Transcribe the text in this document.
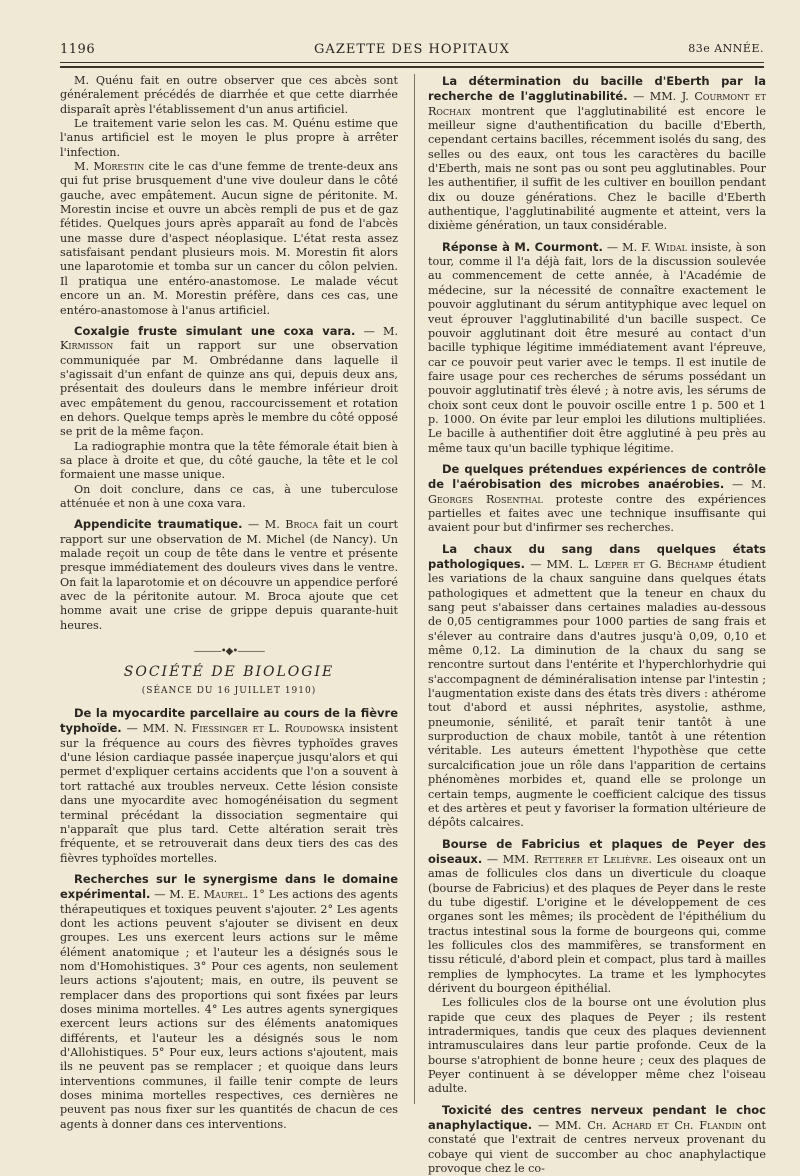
1196	GAZETTE DES HOPITAUX	83e ANNÉE.

M. Quénu fait en outre observer que ces abcès sont généralement précédés de diarrhée et que cette diarrhée disparaît après l'établissement d'un anus artificiel.

Le traitement varie selon les cas. M. Quénu estime que l'anus artificiel est le moyen le plus propre à arrêter l'infection.

M. Morestin cite le cas d'une femme de trente-deux ans qui fut prise brusquement d'une vive douleur dans le côté gauche, avec empâtement. Aucun signe de péritonite. M. Morestin incise et ouvre un abcès rempli de pus et de gaz fétides. Quelques jours après apparaît au fond de l'abcès une masse dure d'aspect néoplasique. L'état resta assez satisfaisant pendant plusieurs mois. M. Morestin fit alors une laparotomie et tomba sur un cancer du côlon pelvien. Il pratiqua une entéro-anastomose. Le malade vécut encore un an. M. Morestin préfère, dans ces cas, une entéro-anastomose à l'anus artificiel.

Coxalgie fruste simulant une coxa vara. — M. Kirmisson fait un rapport sur une observation communiquée par M. Ombrédanne dans laquelle il s'agissait d'un enfant de quinze ans qui, depuis deux ans, présentait des douleurs dans le membre inférieur droit avec empâtement du genou, raccourcissement et rotation en dehors. Quelque temps après le membre du côté opposé se prit de la même façon.

La radiographie montra que la tête fémorale était bien à sa place à droite et que, du côté gauche, la tête et le col formaient une masse unique.

On doit conclure, dans ce cas, à une tuberculose atténuée et non à une coxa vara.

Appendicite traumatique. — M. Broca fait un court rapport sur une observation de M. Michel (de Nancy). Un malade reçoit un coup de tête dans le ventre et présente presque immédiatement des douleurs vives dans le ventre. On fait la laparotomie et on découvre un appendice perforé avec de la péritonite autour. M. Broca ajoute que cet homme avait une crise de grippe depuis quarante-huit heures.

———•◆•———
SOCIÉTÉ DE BIOLOGIE
(SÉANCE DU 16 JUILLET 1910)

De la myocardite parcellaire au cours de la fièvre typhoïde. — MM. N. Fiessinger et L. Roudowska insistent sur la fréquence au cours des fièvres typhoïdes graves d'une lésion cardiaque passée inaperçue jusqu'alors et qui permet d'expliquer certains accidents que l'on a souvent à tort rattaché aux troubles nerveux. Cette lésion consiste dans une myocardite avec homogénéisation du segment terminal précédant la dissociation segmentaire qui n'apparaît que plus tard. Cette altération serait très fréquente, et se retrouverait dans deux tiers des cas des fièvres typhoïdes mortelles.

Recherches sur le synergisme dans le domaine expérimental. — M. E. Maurel. 1° Les actions des agents thérapeutiques et toxiques peuvent s'ajouter. 2° Les agents dont les actions peuvent s'ajouter se divisent en deux groupes. Les uns exercent leurs actions sur le même élément anatomique ; et l'auteur les a désignés sous le nom d'Homohistiques. 3° Pour ces agents, non seulement leurs actions s'ajoutent; mais, en outre, ils peuvent se remplacer dans des proportions qui sont fixées par leurs doses minima mortelles. 4° Les autres agents synergiques exercent leurs actions sur des éléments anatomiques différents, et l'auteur les a désignés sous le nom d'Allohistiques. 5° Pour eux, leurs actions s'ajoutent, mais ils ne peuvent pas se remplacer ; et quoique dans leurs interventions communes, il faille tenir compte de leurs doses minima mortelles respectives, ces dernières ne peuvent pas nous fixer sur les quantités de chacun de ces agents à donner dans ces interventions.

La détermination du bacille d'Eberth par la recherche de l'agglutinabilité. — MM. J. Courmont et Rochaix montrent que l'agglutinabilité est encore le meilleur signe d'authentification du bacille d'Eberth, cependant certains bacilles, récemment isolés du sang, des selles ou des eaux, ont tous les caractères du bacille d'Eberth, mais ne sont pas ou sont peu agglutinables. Pour les authentifier, il suffit de les cultiver en bouillon pendant dix ou douze générations. Chez le bacille d'Eberth authentique, l'agglutinabilité augmente et atteint, vers la dixième génération, un taux considérable.

Réponse à M. Courmont. — M. F. Widal insiste, à son tour, comme il l'a déjà fait, lors de la discussion soulevée au commencement de cette année, à l'Académie de médecine, sur la nécessité de connaître exactement le pouvoir agglutinant du sérum antityphique avec lequel on veut éprouver l'agglutinabilité d'un bacille suspect. Ce pouvoir agglutinant doit être mesuré au contact d'un bacille typhique légitime immédiatement avant l'épreuve, car ce pouvoir peut varier avec le temps. Il est inutile de faire usage pour ces recherches de sérums possédant un pouvoir agglutinatif très élevé ; à notre avis, les sérums de choix sont ceux dont le pouvoir oscille entre 1 p. 500 et 1 p. 1000. On évite par leur emploi les dilutions multipliées. Le bacille à authentifier doit être agglutiné à peu près au même taux qu'un bacille typhique légitime.

De quelques prétendues expériences de contrôle de l'aérobisation des microbes anaérobies. — M. Georges Rosenthal proteste contre des expériences partielles et faites avec une technique insuffisante qui avaient pour but d'infirmer ses recherches.

La chaux du sang dans quelques états pathologiques. — MM. L. Lœper et G. Béchamp étudient les variations de la chaux sanguine dans quelques états pathologiques et admettent que la teneur en chaux du sang peut s'abaisser dans certaines maladies au-dessous de 0,05 centigrammes pour 1000 parties de sang frais et s'élever au contraire dans d'autres jusqu'à 0,09, 0,10 et même 0,12. La diminution de la chaux du sang se rencontre surtout dans l'entérite et l'hyperchlorhydrie qui s'accompagnent de déminéralisation intense par l'intestin ; l'augmentation existe dans des états très divers : athérome tout d'abord et aussi néphrites, asystolie, asthme, pneumonie, sénilité, et paraît tenir tantôt à une surproduction de chaux mobile, tantôt à une rétention véritable. Les auteurs émettent l'hypothèse que cette surcalcification joue un rôle dans l'apparition de certains phénomènes morbides et, quand elle se prolonge un certain temps, augmente le coefficient calcique des tissus et des artères et peut y favoriser la formation ultérieure de dépôts calcaires.

Bourse de Fabricius et plaques de Peyer des oiseaux. — MM. Retterer et Lelièvre. Les oiseaux ont un amas de follicules clos dans un diverticule du cloaque (bourse de Fabricius) et des plaques de Peyer dans le reste du tube digestif. L'origine et le développement de ces organes sont les mêmes; ils procèdent de l'épithélium du tractus intestinal sous la forme de bourgeons qui, comme les follicules clos des mammifères, se transforment en tissu réticulé, d'abord plein et compact, plus tard à mailles remplies de lymphocytes. La trame et les lymphocytes dérivent du bourgeon épithélial.

Les follicules clos de la bourse ont une évolution plus rapide que ceux des plaques de Peyer ; ils restent intradermiques, tandis que ceux des plaques deviennent intramusculaires dans leur partie profonde. Ceux de la bourse s'atrophient de bonne heure ; ceux des plaques de Peyer continuent à se développer même chez l'oiseau adulte.

Toxicité des centres nerveux pendant le choc anaphylactique. — MM. Ch. Achard et Ch. Flandin ont constaté que l'extrait de centres nerveux provenant du cobaye qui vient de succomber au choc anaphylactique provoque chez le co-
